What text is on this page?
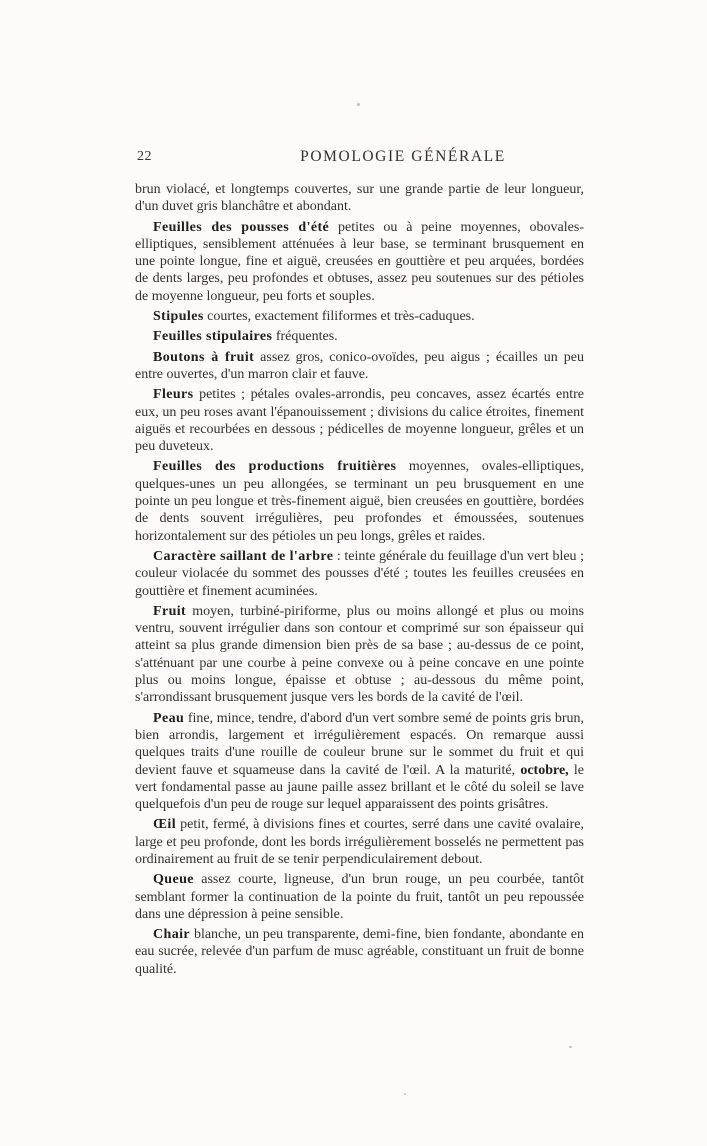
22	POMOLOGIE GÉNÉRALE

brun violacé, et longtemps couvertes, sur une grande partie de leur longueur, d'un duvet gris blanchâtre et abondant.

Feuilles des pousses d'été petites ou à peine moyennes, obovales-elliptiques, sensiblement atténuées à leur base, se terminant brusquement en une pointe longue, fine et aiguë, creusées en gouttière et peu arquées, bordées de dents larges, peu profondes et obtuses, assez peu soutenues sur des pétioles de moyenne longueur, peu forts et souples.

Stipules courtes, exactement filiformes et très-caduques.

Feuilles stipulaires fréquentes.

Boutons à fruit assez gros, conico-ovoïdes, peu aigus ; écailles un peu entre ouvertes, d'un marron clair et fauve.

Fleurs petites ; pétales ovales-arrondis, peu concaves, assez écartés entre eux, un peu roses avant l'épanouissement ; divisions du calice étroites, finement aiguës et recourbées en dessous ; pédicelles de moyenne longueur, grêles et un peu duveteux.

Feuilles des productions fruitières moyennes, ovales-elliptiques, quelques-unes un peu allongées, se terminant un peu brusquement en une pointe un peu longue et très-finement aiguë, bien creusées en gouttière, bordées de dents souvent irrégulières, peu profondes et émoussées, soutenues horizontalement sur des pétioles un peu longs, grêles et raides.

Caractère saillant de l'arbre : teinte générale du feuillage d'un vert bleu ; couleur violacée du sommet des pousses d'été ; toutes les feuilles creusées en gouttière et finement acuminées.

Fruit moyen, turbiné-piriforme, plus ou moins allongé et plus ou moins ventru, souvent irrégulier dans son contour et comprimé sur son épaisseur qui atteint sa plus grande dimension bien près de sa base ; au-dessus de ce point, s'atténuant par une courbe à peine convexe ou à peine concave en une pointe plus ou moins longue, épaisse et obtuse ; au-dessous du même point, s'arrondissant brusquement jusque vers les bords de la cavité de l'œil.

Peau fine, mince, tendre, d'abord d'un vert sombre semé de points gris brun, bien arrondis, largement et irrégulièrement espacés. On remarque aussi quelques traits d'une rouille de couleur brune sur le sommet du fruit et qui devient fauve et squameuse dans la cavité de l'œil. A la maturité, octobre, le vert fondamental passe au jaune paille assez brillant et le côté du soleil se lave quelquefois d'un peu de rouge sur lequel apparaissent des points grisâtres.

Œil petit, fermé, à divisions fines et courtes, serré dans une cavité ovalaire, large et peu profonde, dont les bords irrégulièrement bosselés ne permettent pas ordinairement au fruit de se tenir perpendiculairement debout.

Queue assez courte, ligneuse, d'un brun rouge, un peu courbée, tantôt semblant former la continuation de la pointe du fruit, tantôt un peu repoussée dans une dépression à peine sensible.

Chair blanche, un peu transparente, demi-fine, bien fondante, abondante en eau sucrée, relevée d'un parfum de musc agréable, constituant un fruit de bonne qualité.
